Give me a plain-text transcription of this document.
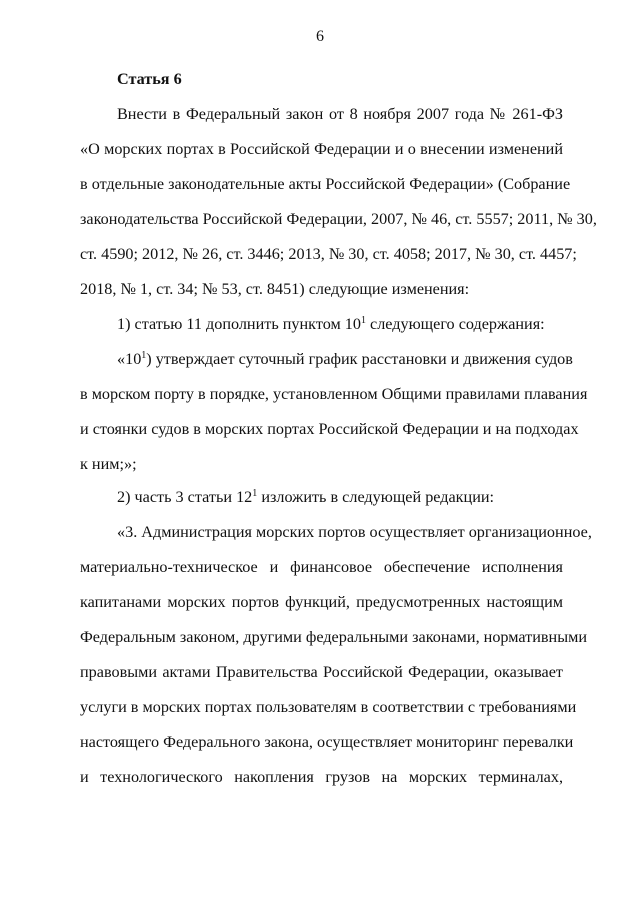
6
Статья 6
Внести в Федеральный закон от 8 ноября 2007 года № 261-ФЗ
«О морских портах в Российской Федерации и о внесении изменений
в отдельные законодательные акты Российской Федерации» (Собрание
законодательства Российской Федерации, 2007, № 46, ст. 5557; 2011, № 30,
ст. 4590; 2012, № 26, ст. 3446; 2013, № 30, ст. 4058; 2017, № 30, ст. 4457;
2018, № 1, ст. 34; № 53, ст. 8451) следующие изменения:
1) статью 11 дополнить пунктом $10^1$ следующего содержания:
«$10^1$) утверждает суточный график расстановки и движения судов
в морском порту в порядке, установленном Общими правилами плавания
и стоянки судов в морских портах Российской Федерации и на подходах
к ним;»;
2) часть 3 статьи $12^1$ изложить в следующей редакции:
«3. Администрация морских портов осуществляет организационное,
материально-техническое и финансовое обеспечение исполнения
капитанами морских портов функций, предусмотренных настоящим
Федеральным законом, другими федеральными законами, нормативными
правовыми актами Правительства Российской Федерации, оказывает
услуги в морских портах пользователям в соответствии с требованиями
настоящего Федерального закона, осуществляет мониторинг перевалки
и технологического накопления грузов на морских терминалах,
